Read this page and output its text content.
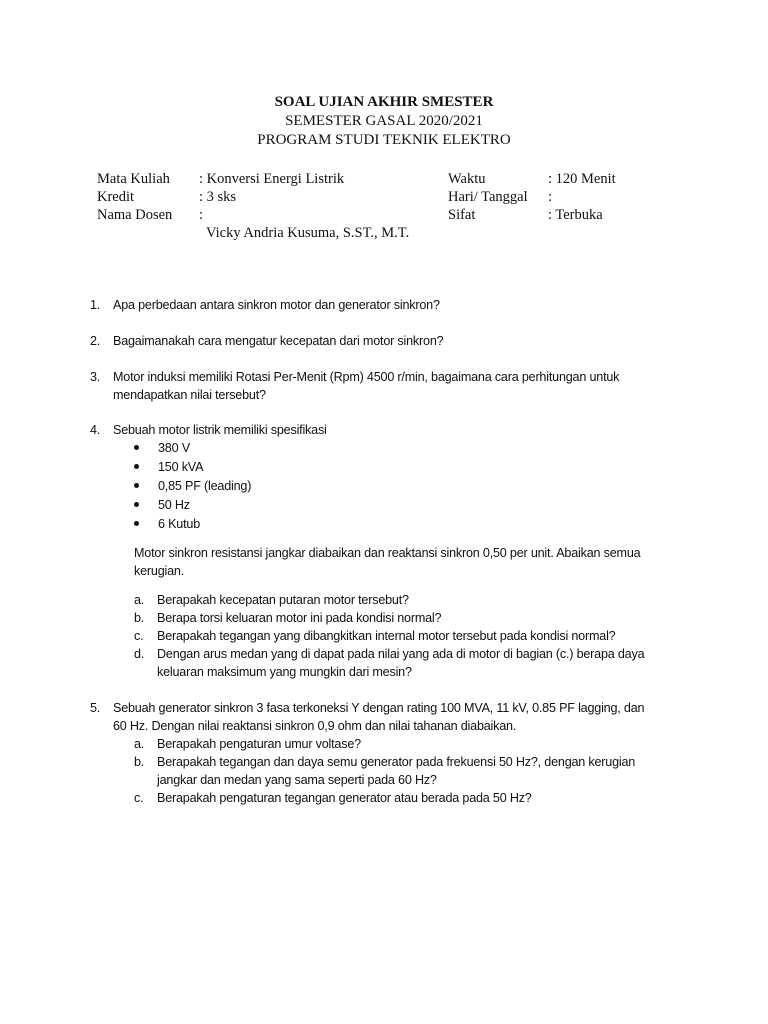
SOAL UJIAN AKHIR SMESTER
SEMESTER GASAL 2020/2021
PROGRAM STUDI TEKNIK ELEKTRO
Mata Kuliah : Konversi Energi Listrik
Kredit	: 3 sks
Nama Dosen :
Vicky Andria Kusuma, S.ST., M.T.
Waktu	: 120 Menit
Hari/ Tanggal :
Sifat	: Terbuka
1. Apa perbedaan antara sinkron motor dan generator sinkron?
2. Bagaimanakah cara mengatur kecepatan dari motor sinkron?
3. Motor induksi memiliki Rotasi Per-Menit (Rpm) 4500 r/min, bagaimana cara perhitungan untuk
mendapatkan nilai tersebut?
4. Sebuah motor listrik memiliki spesifikasi
380 V
150 kVA
0,85 PF (leading)
50 Hz
6 Kutub
Motor sinkron resistansi jangkar diabaikan dan reaktansi sinkron 0,50 per unit. Abaikan semua
kerugian.
a. Berapakah kecepatan putaran motor tersebut?
b. Berapa torsi keluaran motor ini pada kondisi normal?
c. Berapakah tegangan yang dibangkitkan internal motor tersebut pada kondisi normal?
d. Dengan arus medan yang di dapat pada nilai yang ada di motor di bagian (c.) berapa daya
keluaran maksimum yang mungkin dari mesin?
5. Sebuah generator sinkron 3 fasa terkoneksi Y dengan rating 100 MVA, 11 kV, 0.85 PF lagging, dan
60 Hz. Dengan nilai reaktansi sinkron 0,9 ohm dan nilai tahanan diabaikan.
a. Berapakah pengaturan umur voltase?
b. Berapakah tegangan dan daya semu generator pada frekuensi 50 Hz?, dengan kerugian
jangkar dan medan yang sama seperti pada 60 Hz?
c. Berapakah pengaturan tegangan generator atau berada pada 50 Hz?
